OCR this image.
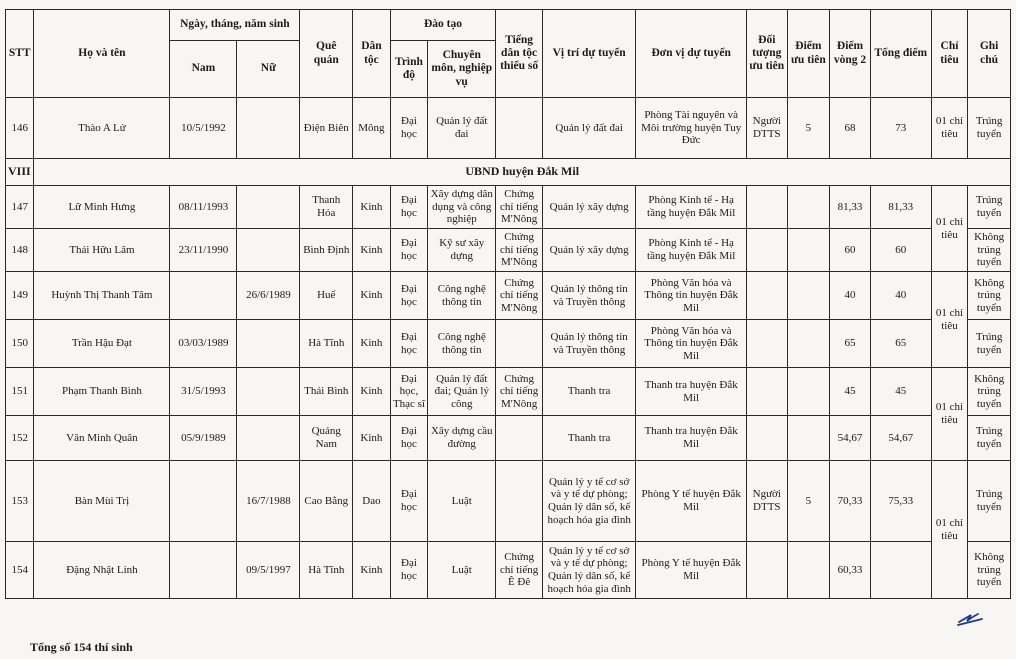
STT	Họ và tên	Ngày, tháng, năm sinh		Quê quán	Dân tộc	Đào tạo		Tiếng dân tộc thiểu số	Vị trí dự tuyển	Đơn vị dự tuyển	Đối tượng ưu tiên	Điểm ưu tiên	Điểm vòng 2	Tổng điểm	Chỉ tiêu	Ghi chú
		Nam	Nữ			Trình độ	Chuyên môn, nghiệp vụ									
146	Thào A Lử	10/5/1992		Điện Biên	Mông	Đại học	Quản lý đất đai		Quản lý đất đai	Phòng Tài nguyên và Môi trường huyện Tuy Đức	Người DTTS	5	68	73	01 chỉ tiêu	Trúng tuyển
VIII	UBND huyện Đắk Mil															
147	Lữ Minh Hưng	08/11/1993		Thanh Hóa	Kinh	Đại học	Xây dựng dân dụng và công nghiệp	Chứng chỉ tiếng M'Nông	Quản lý xây dựng	Phòng Kinh tế - Hạ tầng huyện Đắk Mil			81,33	81,33	01 chỉ tiêu	Trúng tuyển
148	Thái Hữu Lâm	23/11/1990		Bình Định	Kinh	Đại học	Kỹ sư xây dựng	Chứng chỉ tiếng M'Nông	Quản lý xây dựng	Phòng Kinh tế - Hạ tầng huyện Đắk Mil			60	60		Không trúng tuyển
149	Huỳnh Thị Thanh Tâm		26/6/1989	Huế	Kinh	Đại học	Công nghệ thông tin	Chứng chỉ tiếng M'Nông	Quản lý thông tin và Truyền thông	Phòng Văn hóa và Thông tin huyện Đắk Mil			40	40	01 chỉ tiêu	Không trúng tuyển
150	Trần Hậu Đạt	03/03/1989		Hà Tĩnh	Kinh	Đại học	Công nghệ thông tin		Quản lý thông tin và Truyền thông	Phòng Văn hóa và Thông tin huyện Đắk Mil			65	65		Trúng tuyển
151	Phạm Thanh Bình	31/5/1993		Thái Bình	Kinh	Đại học, Thạc sĩ	Quản lý đất đai; Quản lý công	Chứng chỉ tiếng M'Nông	Thanh tra	Thanh tra huyện Đắk Mil			45	45	01 chỉ tiêu	Không trúng tuyển
152	Văn Minh Quân	05/9/1989		Quảng Nam	Kinh	Đại học	Xây dựng cầu đường		Thanh tra	Thanh tra huyện Đắk Mil			54,67	54,67		Trúng tuyển
153	Bàn Mùi Trị		16/7/1988	Cao Bằng	Dao	Đại học	Luật		Quản lý y tế cơ sở và y tế dự phòng; Quản lý dân số, kế hoạch hóa gia đình	Phòng Y tế huyện Đắk Mil	Người DTTS	5	70,33	75,33	01 chỉ tiêu	Trúng tuyển
154	Đặng Nhật Linh		09/5/1997	Hà Tĩnh	Kinh	Đại học	Luật	Chứng chỉ tiếng Ê Đê	Quản lý y tế cơ sở và y tế dự phòng; Quản lý dân số, kế hoạch hóa gia đình	Phòng Y tế huyện Đắk Mil			60,33			Không trúng tuyển
Tổng số 154 thí sinh
